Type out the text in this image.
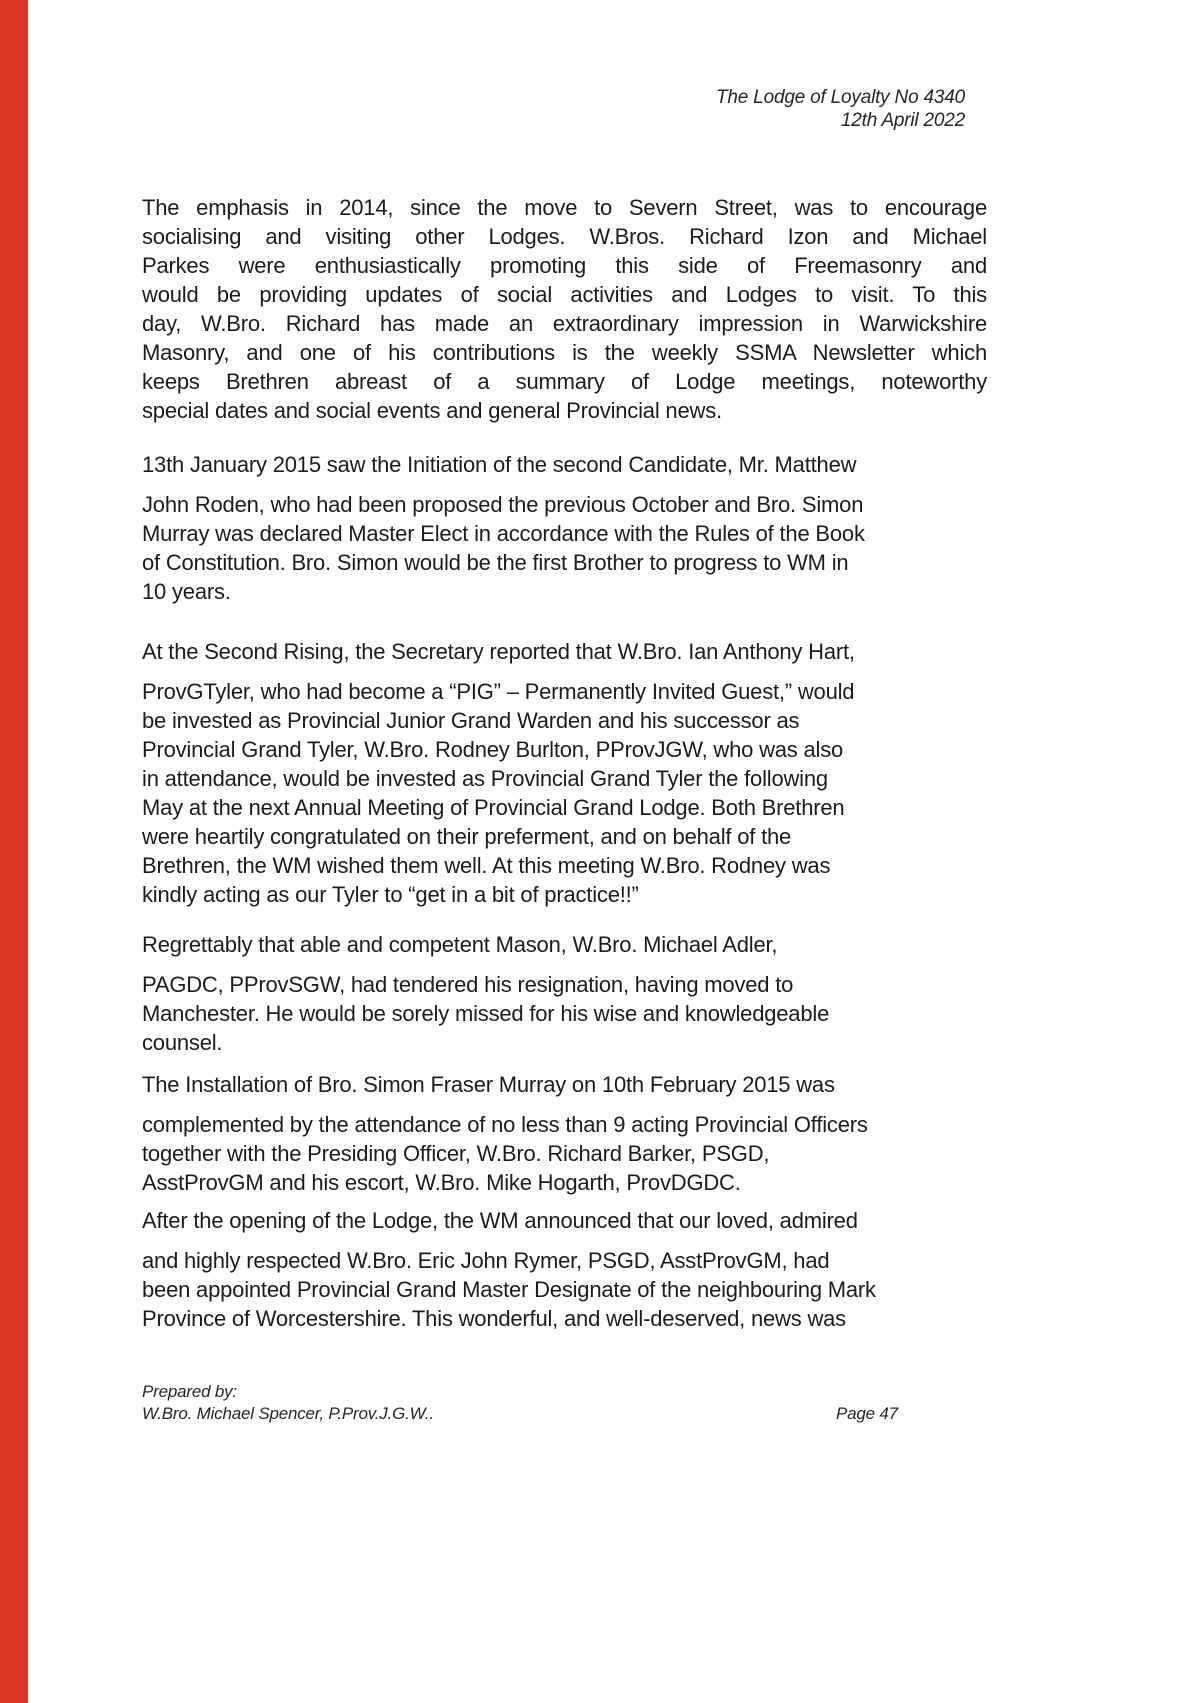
The Lodge of Loyalty No 4340
12th April 2022
The emphasis in 2014, since the move to Severn Street, was to encourage
socialising and visiting other Lodges. W.Bros. Richard Izon and Michael
Parkes were enthusiastically promoting this side of Freemasonry and
would be providing updates of social activities and Lodges to visit. To this
day, W.Bro. Richard has made an extraordinary impression in Warwickshire
Masonry, and one of his contributions is the weekly SSMA Newsletter which
keeps Brethren abreast of a summary of Lodge meetings, noteworthy
special dates and social events and general Provincial news.
13th January 2015 saw the Initiation of the second Candidate, Mr. Matthew
John Roden, who had been proposed the previous October and Bro. Simon
Murray was declared Master Elect in accordance with the Rules of the Book
of Constitution. Bro. Simon would be the first Brother to progress to WM in
10 years.
At the Second Rising, the Secretary reported that W.Bro. Ian Anthony Hart,
ProvGTyler, who had become a “PIG” – Permanently Invited Guest,” would
be invested as Provincial Junior Grand Warden and his successor as
Provincial Grand Tyler, W.Bro. Rodney Burlton, PProvJGW, who was also
in attendance, would be invested as Provincial Grand Tyler the following
May at the next Annual Meeting of Provincial Grand Lodge. Both Brethren
were heartily congratulated on their preferment, and on behalf of the
Brethren, the WM wished them well. At this meeting W.Bro. Rodney was
kindly acting as our Tyler to “get in a bit of practice!!”
Regrettably that able and competent Mason, W.Bro. Michael Adler,
PAGDC, PProvSGW, had tendered his resignation, having moved to
Manchester. He would be sorely missed for his wise and knowledgeable
counsel.
The Installation of Bro. Simon Fraser Murray on 10th February 2015 was
complemented by the attendance of no less than 9 acting Provincial Officers
together with the Presiding Officer, W.Bro. Richard Barker, PSGD,
AsstProvGM and his escort, W.Bro. Mike Hogarth, ProvDGDC.
After the opening of the Lodge, the WM announced that our loved, admired
and highly respected W.Bro. Eric John Rymer, PSGD, AsstProvGM, had
been appointed Provincial Grand Master Designate of the neighbouring Mark
Province of Worcestershire. This wonderful, and well-deserved, news was
Prepared by:
W.Bro. Michael Spencer, P.Prov.J.G.W..	Page 47
